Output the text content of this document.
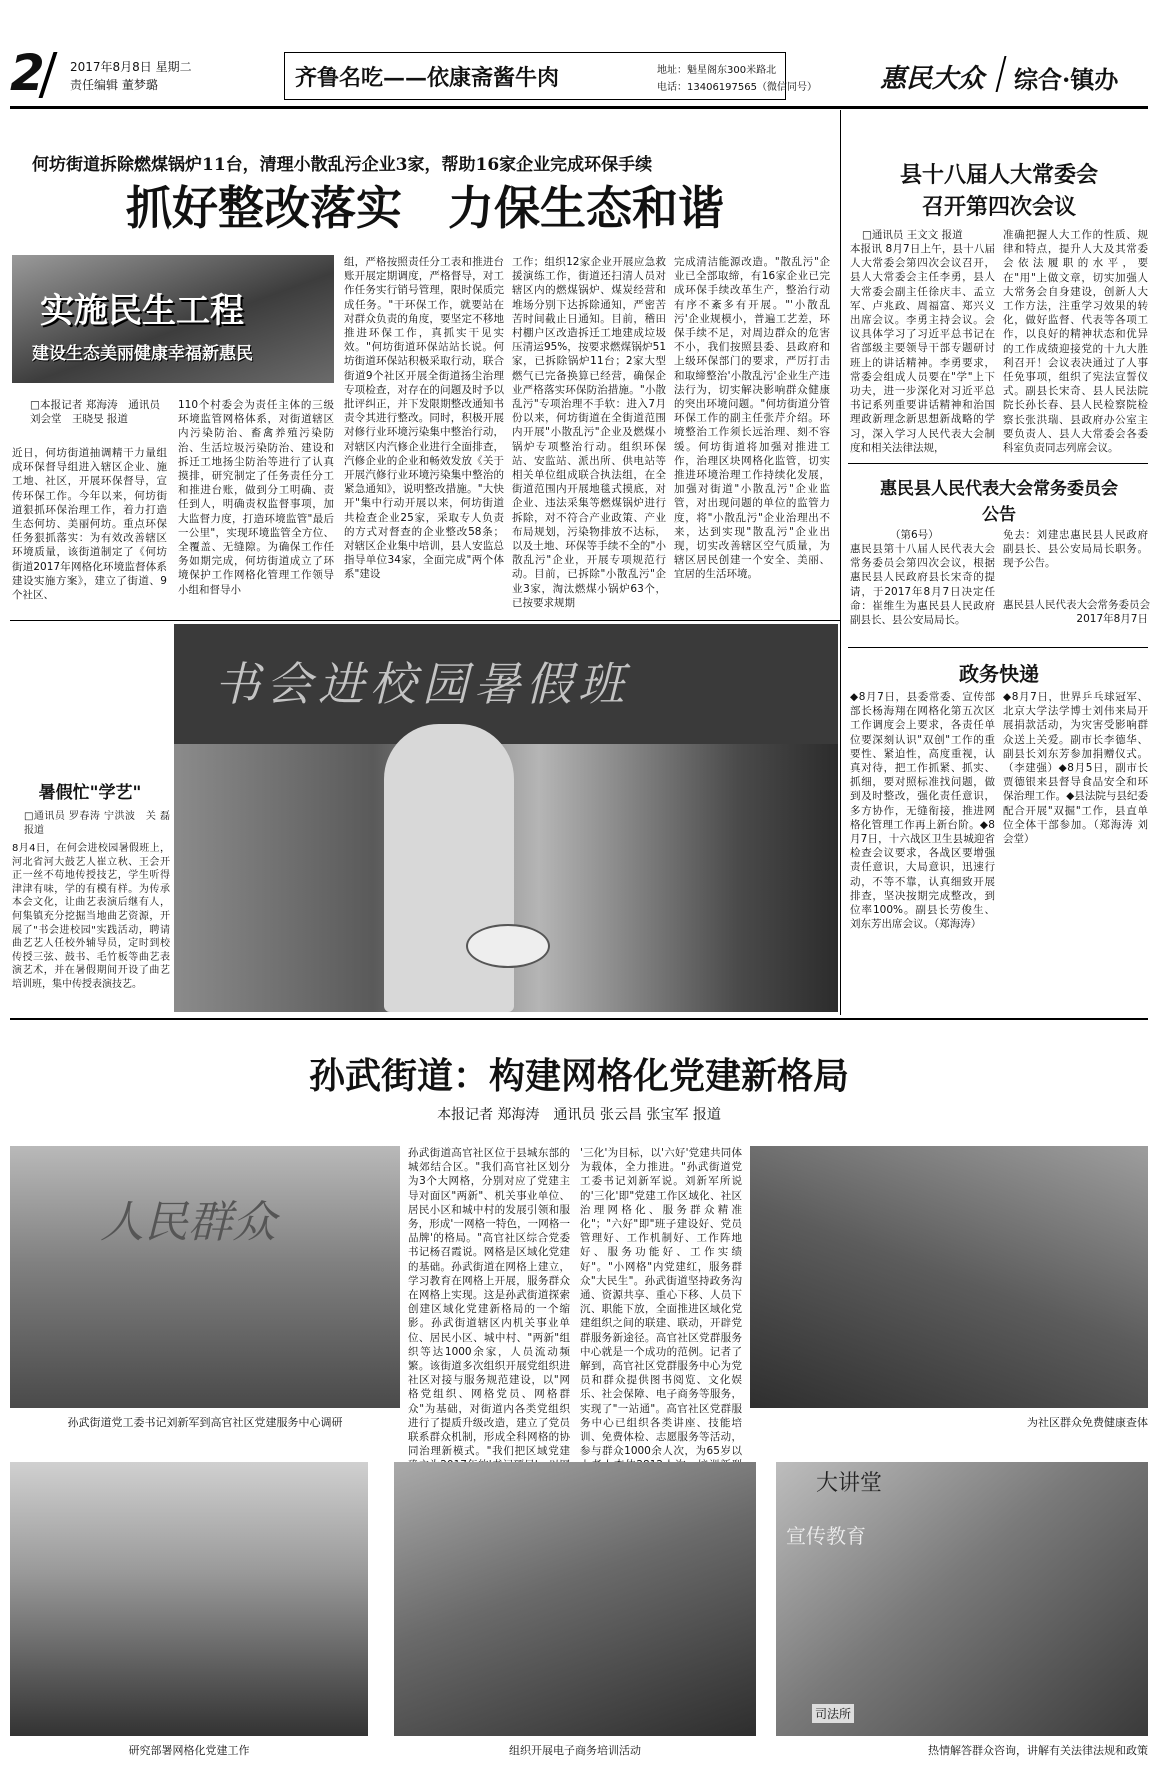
2 2017年8月8日 星期二
责任编辑 董梦璐	齐鲁名吃——依康斋酱牛肉	地址：魁星阁东300米路北
电话：13406197565（微信同号） 惠民大众 综合·镇办
何坊街道拆除燃煤锅炉11台，清理小散乱污企业3家，帮助16家企业完成环保手续
抓好整改落实　力保生态和谐
实施民生工程
建设生态美丽健康幸福新惠民
□本报记者 郑海涛　通讯员 刘会堂　王晓旻 报道
近日，何坊街道抽调精干力量组成环保督导组进入辖区企业、施工地、社区，开展环保督导，宣传环保工作。今年以来，何坊街道狠抓环保治理工作，着力打造生态何坊、美丽何坊。重点环保任务狠抓落实：为有效改善辖区环境质量，该街道制定了《何坊街道2017年网格化环境监督体系建设实施方案》，建立了街道、9个社区、
110个村委会为责任主体的三级环境监管网格体系，对街道辖区内污染防治、畜禽养殖污染防治、生活垃圾污染防治、建设和拆迁工地扬尘防治等进行了认真摸排，研究制定了任务责任分工和推进台账，做到分工明确、责任到人，明确责权监督事项，加大监督力度，打造环境监管"最后一公里"，实现环境监管全方位、全覆盖、无缝隙。为确保工作任务如期完成，何坊街道成立了环境保护工作网格化管理工作领导小组和督导小
组，严格按照责任分工表和推进台账开展定期调度，严格督导，对工作任务实行销号管理，限时保质完成任务。"干环保工作，就要站在对群众负责的角度，要坚定不移地推进环保工作，真抓实干见实效。"何坊街道环保站站长说。何坊街道环保站积极采取行动，联合街道9个社区开展全街道扬尘治理专项检查，对存在的问题及时予以批评纠正，并下发限期整改通知书责令其进行整改。同时，积极开展对修行业环境污染集中整治行动，对辖区内汽修企业进行全面排查，汽修企业的企业和畅效发放《关于开展汽修行业环境污染集中整治的紧急通知》，说明整改措施。"大快开"集中行动开展以来，何坊街道共检查企业25家，采取专人负责的方式对督查的企业整改58条；对辖区企业集中培训，县人安监总指导单位34家，全面完成"两个体系"建设
工作；组织12家企业开展应急救援演练工作，街道还扫清人员对辖区内的燃煤锅炉、煤炭经营和堆场分别下达拆除通知，严密苦苦时间截止日通知。目前，稽田村棚户区改造拆迁工地建成垃圾压清运95%，按要求燃煤锅炉51家，已拆除锅炉11台；2家大型燃气已完备换算已经营，确保企业严格落实环保防治措施。"小散乱污"专项治理不手软：进入7月份以来，何坊街道在全街道范围内开展"小散乱污"企业及燃煤小锅炉专项整治行动。组织环保站、安监站、派出所、供电站等相关单位组成联合执法组，在全街道范围内开展地毯式摸底，对企业、违法采集等燃煤锅炉进行拆除，对不符合产业政策、产业布局规划，污染物排放不达标，以及土地、环保等手续不全的"小散乱污"企业，开展专项规范行动。目前，已拆除"小散乱污"企业3家，淘汰燃煤小锅炉63个，已按要求规期
完成清洁能源改造。"散乱污"企业已全部取缔，有16家企业已完成环保手续改革生产，整治行动有序不紊多有开展。"'小散乱污'企业规模小，普遍工艺差，环保手续不足，对周边群众的危害不小，我们按照县委、县政府和上级环保部门的要求，严厉打击和取缔整治'小散乱污'企业生产违法行为，切实解决影响群众健康的突出环境问题。"何坊街道分管环保工作的副主任张芹介绍。环境整治工作须长远治理、刻不容缓。何坊街道将加强对推进工作，治理区块网格化监管，切实推进环境治理工作持续化发展，加强对街道"小散乱污"企业监管，对出现问题的单位的监管力度，将"小散乱污"企业治理出不来，达到实现"散乱污"企业出现，切实改善辖区空气质量，为辖区居民创建一个安全、美丽、宜居的生活环境。
县十八届人大常委会
召开第四次会议
□通讯员 王文文 报道
本报讯 8月7日上午，县十八届人大常委会第四次会议召开，县人大常委会主任李勇，县人大常委会副主任徐庆丰、孟立军、卢兆政、周福富、郑兴义出席会议。李勇主持会议。会议具体学习了习近平总书记在省部级主要领导干部专题研讨班上的讲话精神。李勇要求，常委会组成人员要在"学"上下功夫，进一步深化对习近平总书记系列重要讲话精神和治国理政新理念新思想新战略的学习，深入学习人民代表大会制度和相关法律法规，
准确把握人大工作的性质、规律和特点，提升人大及其常委会依法履职的水平，要在"用"上做文章，切实加强人大常务会自身建设，创新人大工作方法，注重学习效果的转化，做好监督、代表等各项工作，以良好的精神状态和优异的工作成绩迎接党的十九大胜利召开！会议表决通过了人事任免事项，组织了宪法宣誓仪式。副县长宋奇、县人民法院院长孙长春、县人民检察院检察长张洪瑞、县政府办公室主要负责人、县人大常委会各委科室负责同志列席会议。
惠民县人民代表大会常务委员会
公告
（第6号）
惠民县第十八届人民代表大会常务委员会第四次会议，根据惠民县人民政府县长宋奇的提请，于2017年8月7日决定任命：崔维生为惠民县人民政府副县长、县公安局局长。
免去：刘建忠惠民县人民政府副县长、县公安局局长职务。现予公告。
惠民县人民代表大会常务委员会
2017年8月7日
政务快递
◆8月7日，县委常委、宣传部部长杨海翔在网格化第五次区工作调度会上要求，各责任单位要深刻认识"双创"工作的重要性、紧迫性，高度重视，认真对待，把工作抓紧、抓实、抓细，要对照标准找问题，做到及时整改，强化责任意识，多方协作，无缝衔接，推进网格化管理工作再上新台阶。◆8月7日，十六战区卫生县城迎省检查会议要求，各战区要增强责任意识，大局意识，迅速行动，不等不靠，认真细致开展排查，坚决按期完成整改，到位率100%。副县长劳俊生、刘东芳出席会议。（郑海涛）
◆8月7日，世界乒乓球冠军、北京大学法学博士刘伟来局开展捐款活动，为灾害受影响群众送上关爱。副市长李德华、副县长刘东芳参加捐赠仪式。（李建强）◆8月5日，副市长贾德银来县督导食品安全和环保治理工作。◆县法院与县纪委配合开展"双掘"工作，县直单位全体干部参加。（郑海涛 刘会堂）
书会进校园暑假班
暑假忙"学艺"
□通讯员 罗春涛 宁洪波　关 磊 报道
8月4日，在何会进校园暑假班上，河北省河大鼓艺人崔立秋、王会开正一丝不苟地传授技艺，学生听得津津有味，学的有模有样。为传承本会文化，让曲艺表演后继有人，何集镇充分挖掘当地曲艺资源，开展了"书会进校园"实践活动，聘请曲艺艺人任校外辅导员，定时到校传授三弦、鼓书、毛竹板等曲艺表演艺术，并在暑假期间开设了曲艺培训班，集中传授表演技艺。
孙武街道：构建网格化党建新格局
本报记者 郑海涛　通讯员 张云昌 张宝军 报道
人民群众
孙武街道党工委书记刘新军到高官社区党建服务中心调研
孙武街道高官社区位于县城东部的城郊结合区。"我们高官社区划分为3个大网格，分别对应了党建主导对面区"两新"、机关事业单位、居民小区和城中村的发展引领和服务，形成'一网格一特色，一网格一品牌'的格局。"高官社区综合党委书记杨召霞说。网格是区域化党建的基础。孙武街道在网格上建立，学习教育在网格上开展，服务群众在网格上实现。这是孙武街道探索创建区域化党建新格局的一个缩影。孙武街道辖区内机关事业单位、居民小区、城中村、"两新"组织等达1000余家，人员流动频繁。该街道多次组织开展党组织进社区对接与服务规范建设，以"网格党组织、网格党员、网格群众"为基础，对街道内各类党组织进行了提质升级改造，建立了党员联系群众机制，形成全科网格的协同治理新模式。"我们把区域党建
'三化'为目标，以'六好'党建共同体为载体，全力推进。"孙武街道党工委书记刘新军说。刘新军所说的'三化'即"党建工作区域化、社区治理网格化、服务群众精准化"；"六好"即"班子建设好、党员管理好、工作机制好、工作阵地好、服务功能好、工作实绩好"。"小网格"内党建红，服务群众"大民生"。孙武街道坚持政务沟通、资源共享、重心下移、人员下沉、职能下放，全面推进区域化党建组织之间的联建、联动，开辟党群服务新途径。高官社区党群服务中心就是一个成功的范例。记者了解到，高官社区党群服务中心为党员和群众提供图书阅览、文化娱乐、社会保障、电子商务等服务，实现了"一站通"。高官社区党群服务中心已组织各类讲座、技能培训、免费体检、志愿服务等活动，参与群众1000余人次，为65岁以
为社区群众免费健康查体
研究部署网格化党建工作	组织开展电子商务培训活动
大讲堂
宣传教育
司法所
热情解答群众咨询，讲解有关法律法规和政策
